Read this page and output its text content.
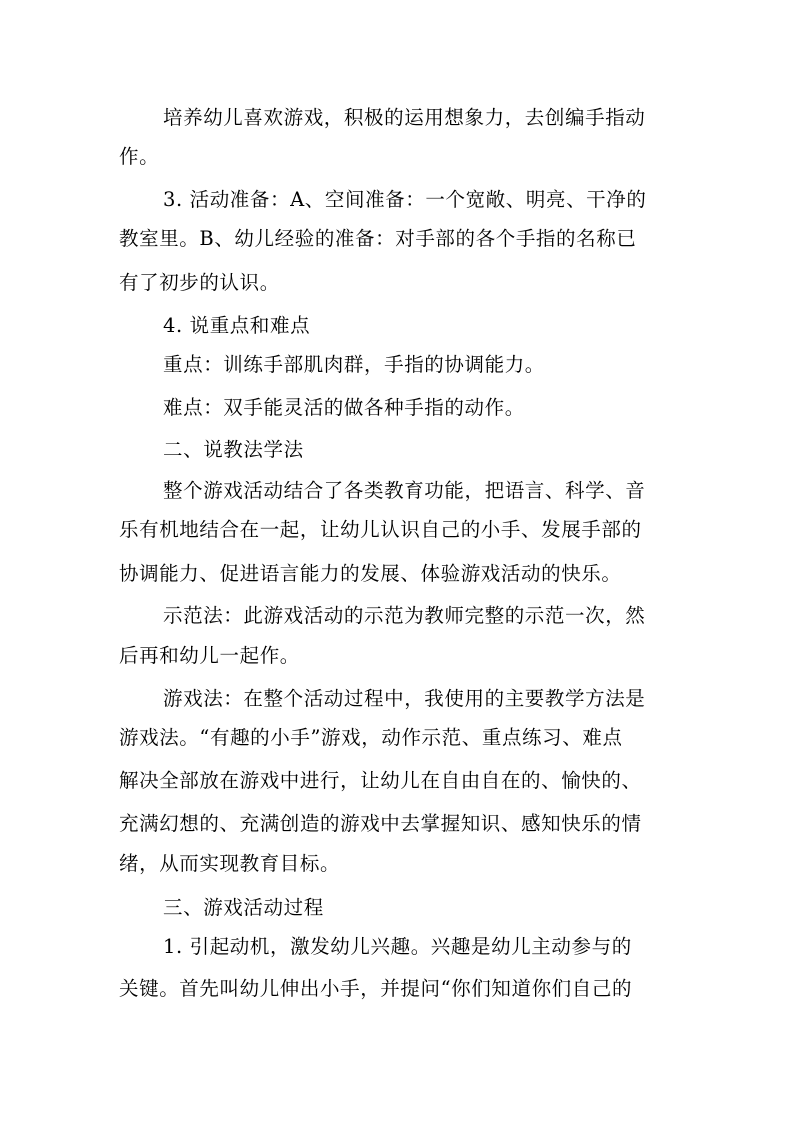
培养幼儿喜欢游戏，积极的运用想象力，去创编手指动
作。
3. 活动准备：A、空间准备：一个宽敞、明亮、干净的
教室里。B、幼儿经验的准备：对手部的各个手指的名称已
有了初步的认识。
4. 说重点和难点
重点：训练手部肌肉群，手指的协调能力。
难点：双手能灵活的做各种手指的动作。
二、说教法学法
整个游戏活动结合了各类教育功能，把语言、科学、音
乐有机地结合在一起，让幼儿认识自己的小手、发展手部的
协调能力、促进语言能力的发展、体验游戏活动的快乐。
示范法：此游戏活动的示范为教师完整的示范一次，然
后再和幼儿一起作。
游戏法：在整个活动过程中，我使用的主要教学方法是
游戏法。“有趣的小手”游戏，动作示范、重点练习、难点
解决全部放在游戏中进行，让幼儿在自由自在的、愉快的、
充满幻想的、充满创造的游戏中去掌握知识、感知快乐的情
绪，从而实现教育目标。
三、游戏活动过程
1. 引起动机，激发幼儿兴趣。兴趣是幼儿主动参与的
关键。首先叫幼儿伸出小手，并提问“你们知道你们自己的
